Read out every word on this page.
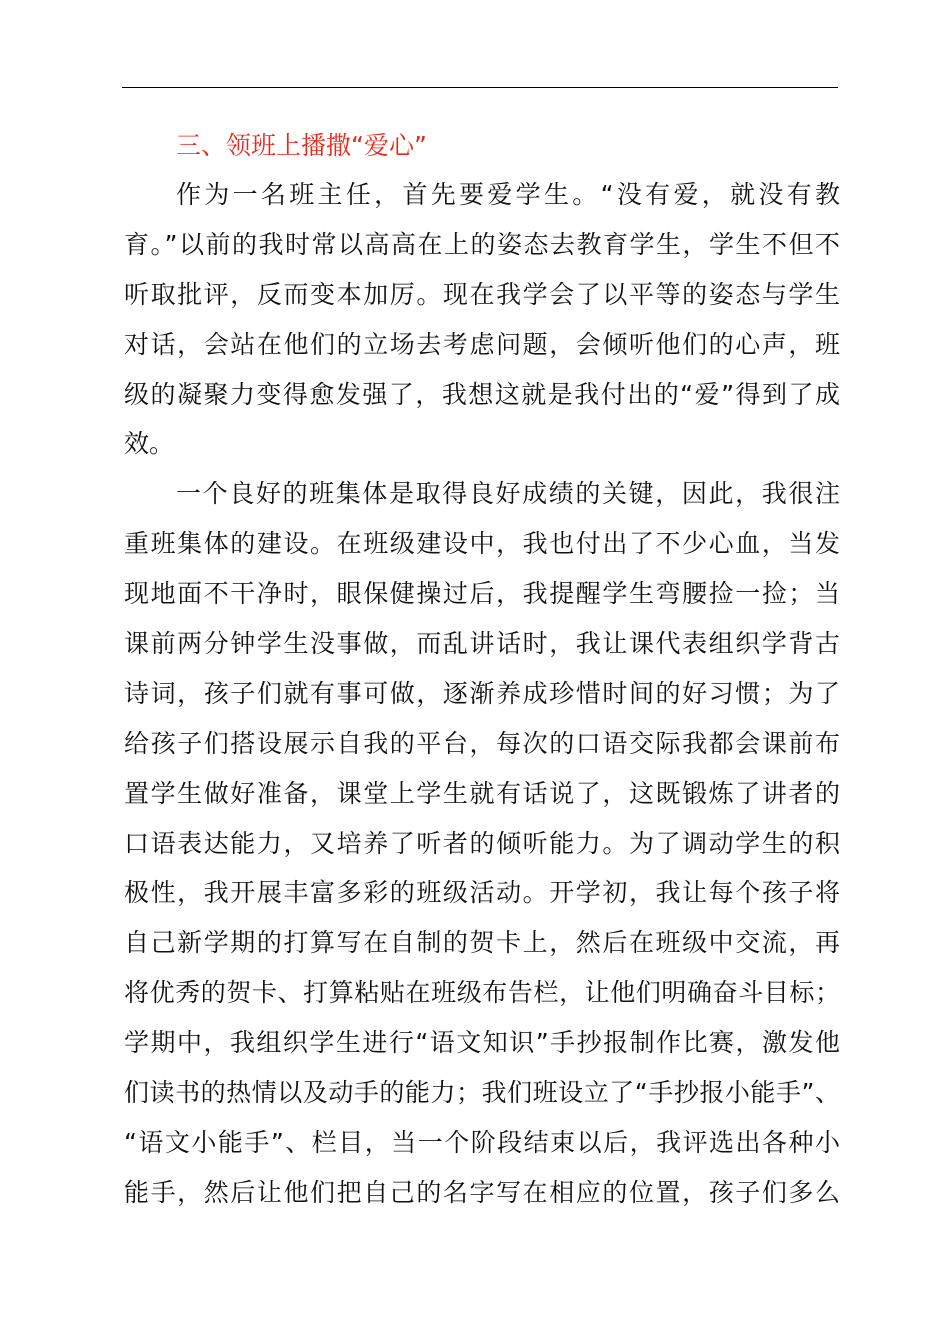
三、领班上播撒“爱心”

作为一名班主任，首先要爱学生。“没有爱，就没有教
育。”以前的我时常以高高在上的姿态去教育学生，学生不但不
听取批评，反而变本加厉。现在我学会了以平等的姿态与学生
对话，会站在他们的立场去考虑问题，会倾听他们的心声，班
级的凝聚力变得愈发强了，我想这就是我付出的“爱”得到了成
效。

一个良好的班集体是取得良好成绩的关键，因此，我很注
重班集体的建设。在班级建设中，我也付出了不少心血，当发
现地面不干净时，眼保健操过后，我提醒学生弯腰捡一捡；当
课前两分钟学生没事做，而乱讲话时，我让课代表组织学背古
诗词，孩子们就有事可做，逐渐养成珍惜时间的好习惯；为了
给孩子们搭设展示自我的平台，每次的口语交际我都会课前布
置学生做好准备，课堂上学生就有话说了，这既锻炼了讲者的
口语表达能力，又培养了听者的倾听能力。为了调动学生的积
极性，我开展丰富多彩的班级活动。开学初，我让每个孩子将
自己新学期的打算写在自制的贺卡上，然后在班级中交流，再
将优秀的贺卡、打算粘贴在班级布告栏，让他们明确奋斗目标；
学期中，我组织学生进行“语文知识”手抄报制作比赛，激发他
们读书的热情以及动手的能力；我们班设立了“手抄报小能手”、
“语文小能手”、栏目，当一个阶段结束以后，我评选出各种小
能手，然后让他们把自己的名字写在相应的位置，孩子们多么
